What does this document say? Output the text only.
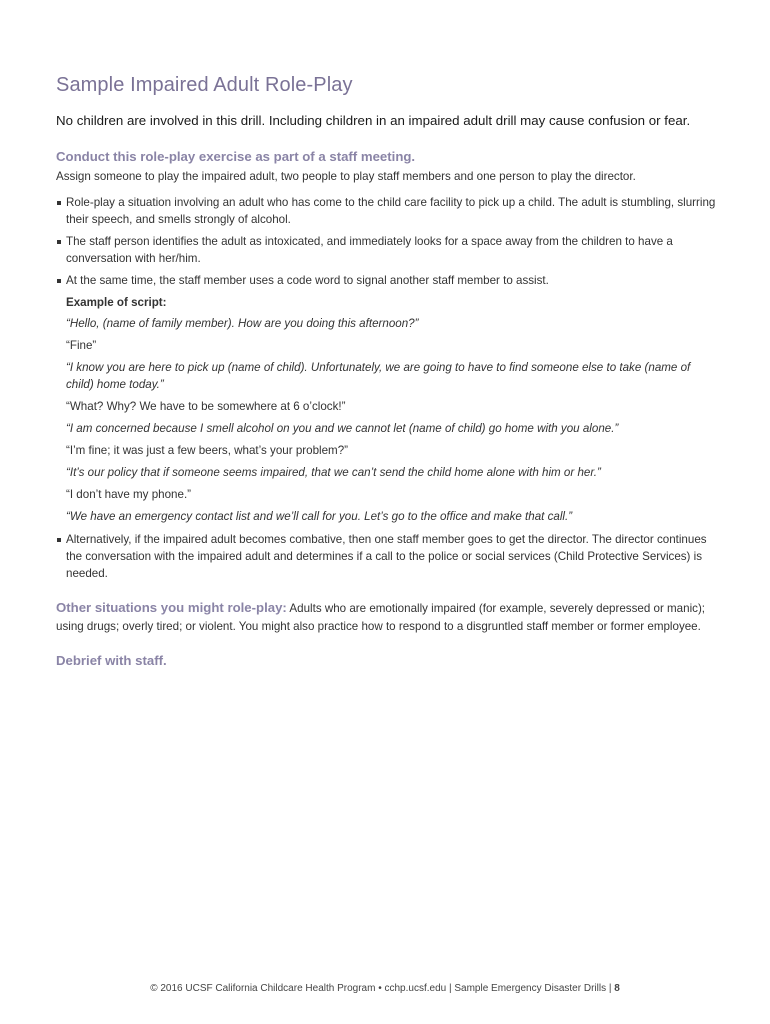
Sample Impaired Adult Role-Play

No children are involved in this drill. Including children in an impaired adult drill may cause confusion or fear.

Conduct this role-play exercise as part of a staff meeting.

Assign someone to play the impaired adult, two people to play staff members and one person to play the director.

Role-play a situation involving an adult who has come to the child care facility to pick up a child. The adult is stumbling, slurring their speech, and smells strongly of alcohol.
The staff person identifies the adult as intoxicated, and immediately looks for a space away from the children to have a conversation with her/him.
At the same time, the staff member uses a code word to signal another staff member to assist.
Example of script:
“Hello, (name of family member). How are you doing this afternoon?”
“Fine”
“I know you are here to pick up (name of child). Unfortunately, we are going to have to find someone else to take (name of child) home today.”
“What? Why? We have to be somewhere at 6 o’clock!”
“I am concerned because I smell alcohol on you and we cannot let (name of child) go home with you alone.”
“I’m fine; it was just a few beers, what’s your problem?”
“It’s our policy that if someone seems impaired, that we can’t send the child home alone with him or her.”
“I don’t have my phone.”
“We have an emergency contact list and we’ll call for you. Let’s go to the office and make that call.”
Alternatively, if the impaired adult becomes combative, then one staff member goes to get the director. The director continues the conversation with the impaired adult and determines if a call to the police or social services (Child Protective Services) is needed.

Other situations you might role-play: Adults who are emotionally impaired (for example, severely depressed or manic); using drugs; overly tired; or violent. You might also practice how to respond to a disgruntled staff member or former employee.

Debrief with staff.
© 2016 UCSF California Childcare Health Program • cchp.ucsf.edu | Sample Emergency Disaster Drills | 8
